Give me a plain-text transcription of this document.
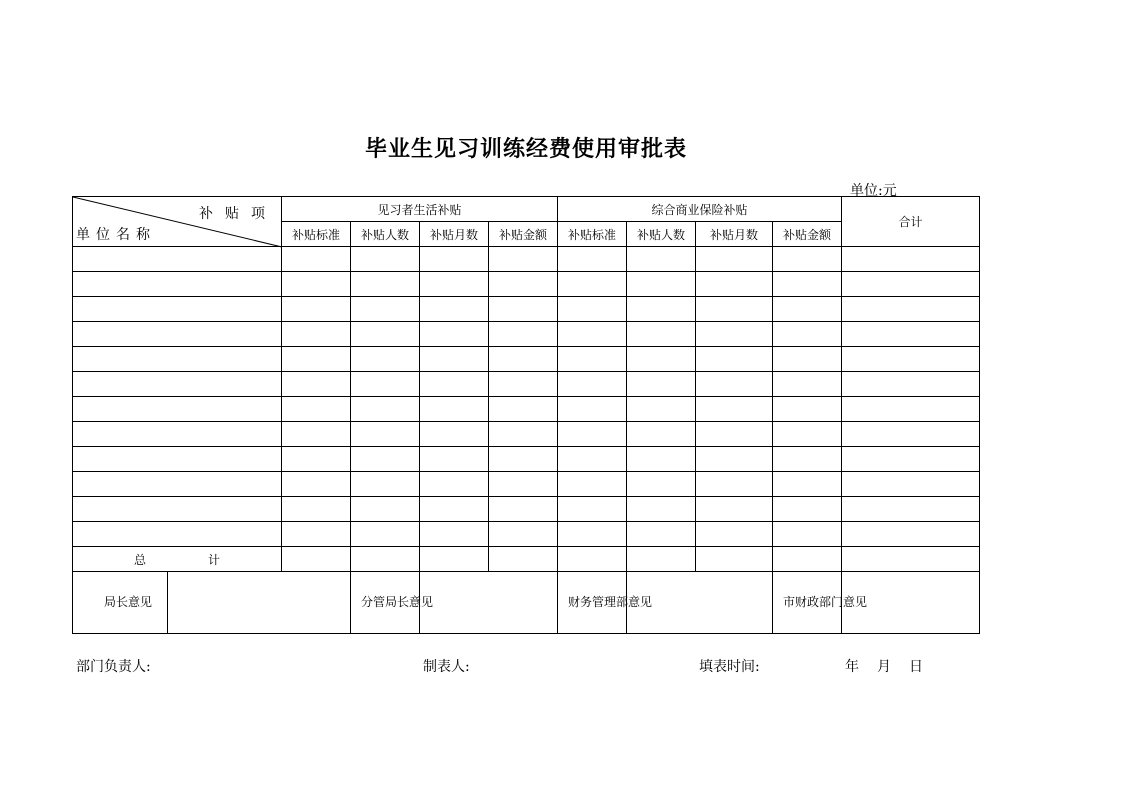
毕业生见习训练经费使用审批表
单位:元
补贴项
单位名称		见习者生活补贴				综合商业保险补贴				合计
		补贴标准	补贴人数	补贴月数	补贴金额	补贴标准	补贴人数	补贴月数	补贴金额	

总 计										

局长意见			分管局长意见			财务管理部意见			市财政部门意见	

部门负责人:	制表人:	填表时间:	年 月 日
